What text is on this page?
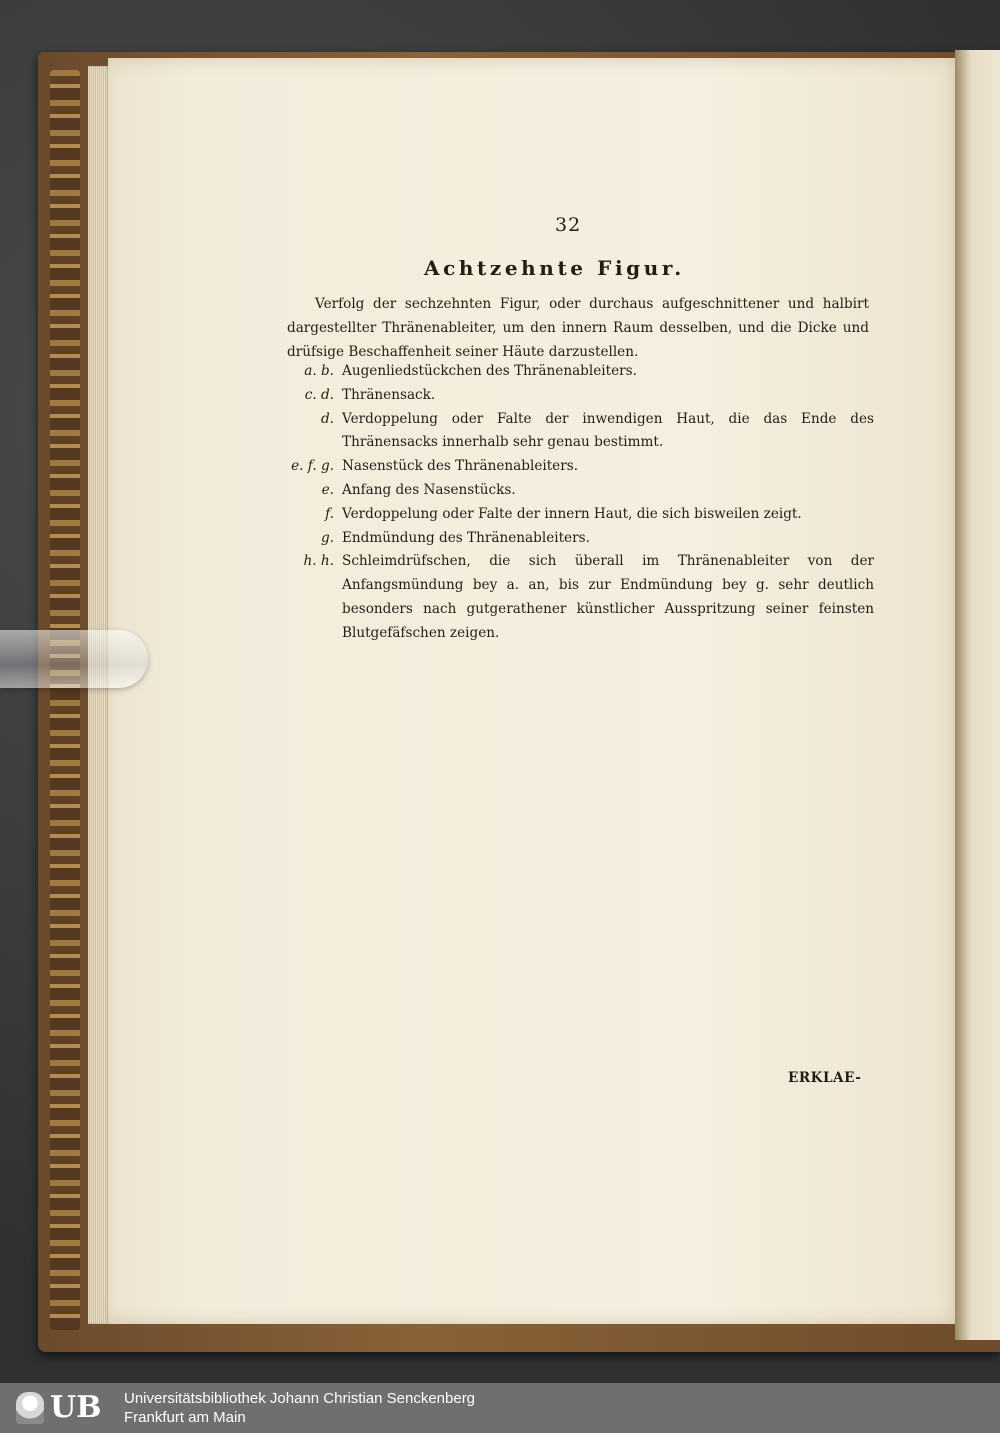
32
Achtzehnte Figur.
Verfolg der sechzehnten Figur, oder durchaus aufgeschnittener und halbirt dargestellter Thränenableiter, um den innern Raum desselben, und die Dicke und drüfsige Beschaffenheit seiner Häute darzustellen.
a. b. Augenliedstückchen des Thränenableiters.
c. d. Thränensack.
d. Verdoppelung oder Falte der inwendigen Haut, die das Ende des Thränensacks innerhalb sehr genau bestimmt.
e. f. g. Nasenstück des Thränenableiters.
e. Anfang des Nasenstücks.
f. Verdoppelung oder Falte der innern Haut, die sich bisweilen zeigt.
g. Endmündung des Thränenableiters.
h. h. Schleimdrüfschen, die sich überall im Thränenableiter von der Anfangsmündung bey a. an, bis zur Endmündung bey g. sehr deutlich besonders nach gutgerathener künstlicher Ausspritzung seiner feinsten Blutgefäfschen zeigen.
ERKLAE-
UB Universitätsbibliothek Johann Christian Senckenberg
Frankfurt am Main
